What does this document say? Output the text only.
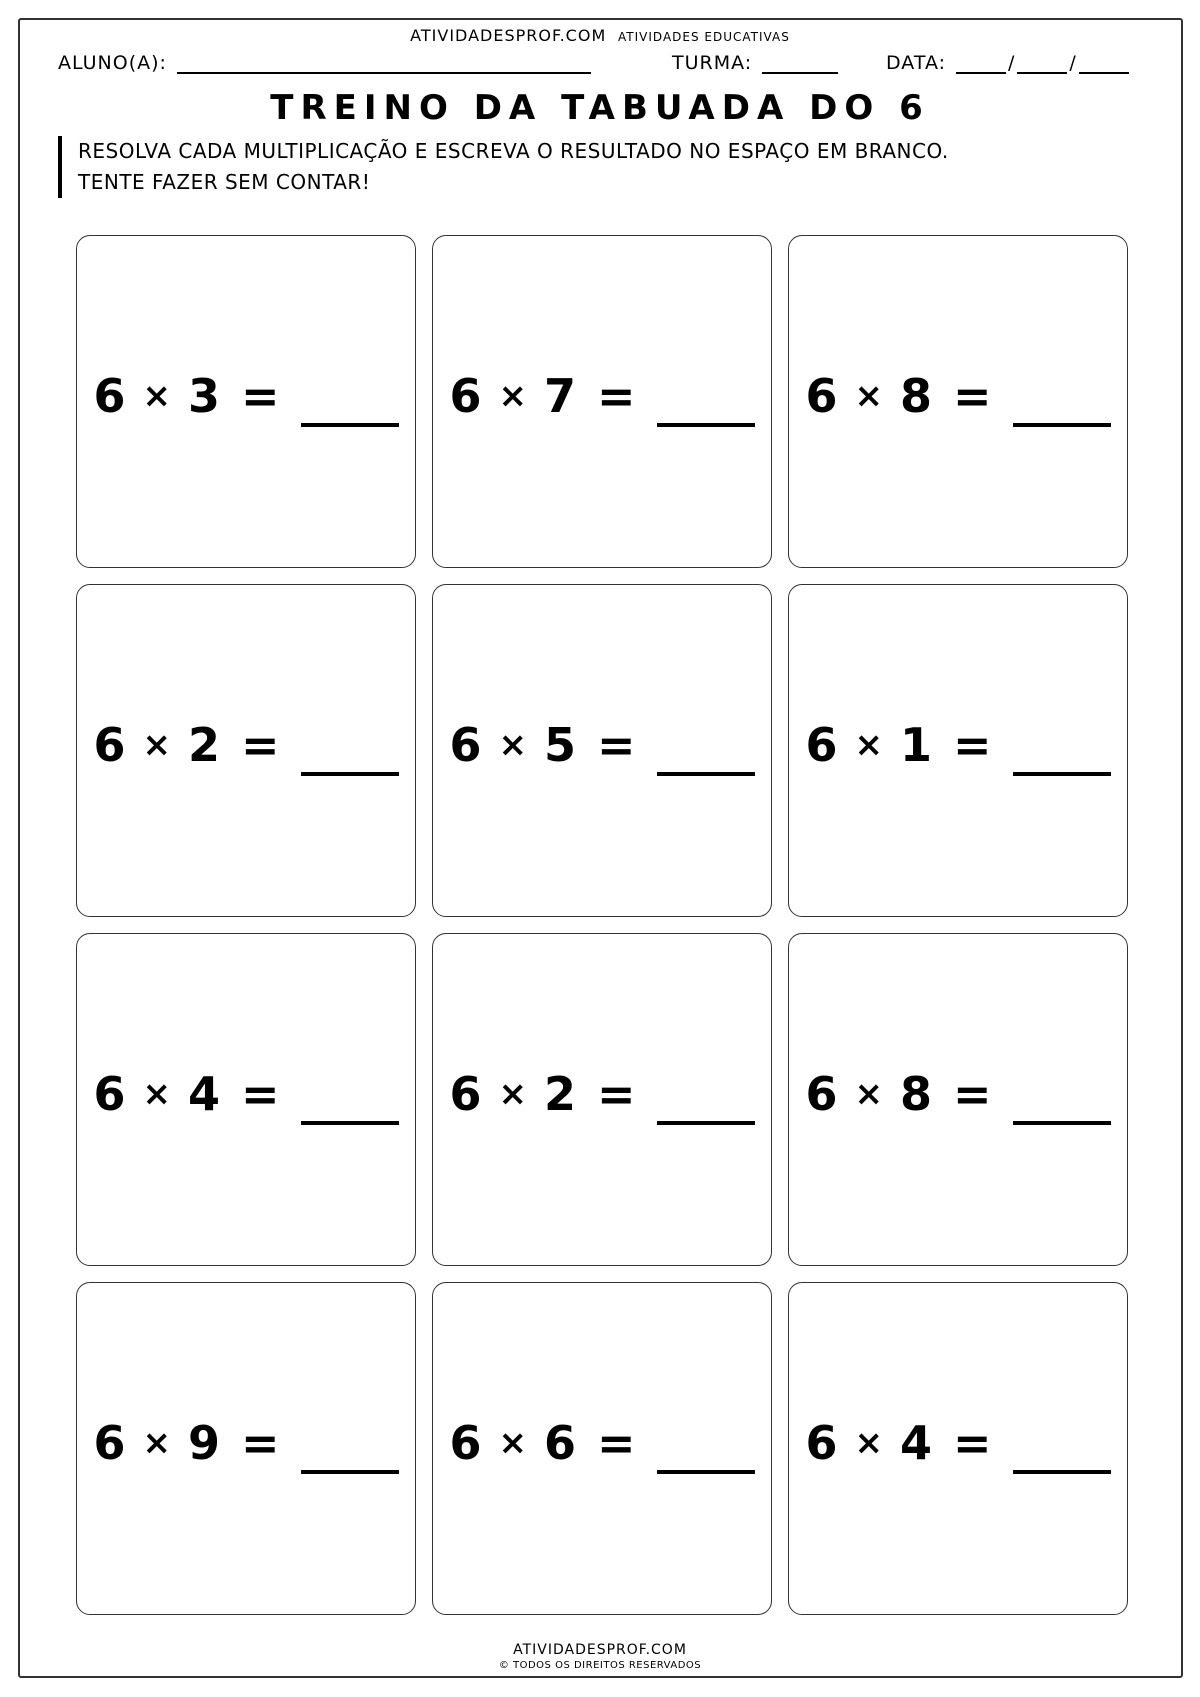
ATIVIDADESPROF.COM ATIVIDADES EDUCATIVAS
ALUNO(A):	TURMA:	DATA:	/	/
TREINO DA TABUADA DO 6
RESOLVA CADA MULTIPLICAÇÃO E ESCREVA O RESULTADO NO ESPAÇO EM BRANCO.
TENTE FAZER SEM CONTAR!
6 × 3 =	6 × 7 =	6 × 8 =
6 × 2 =	6 × 5 =	6 × 1 =
6 × 4 =	6 × 2 =	6 × 8 =
6 × 9 =	6 × 6 =	6 × 4 =
ATIVIDADESPROF.COM
© TODOS OS DIREITOS RESERVADOS
